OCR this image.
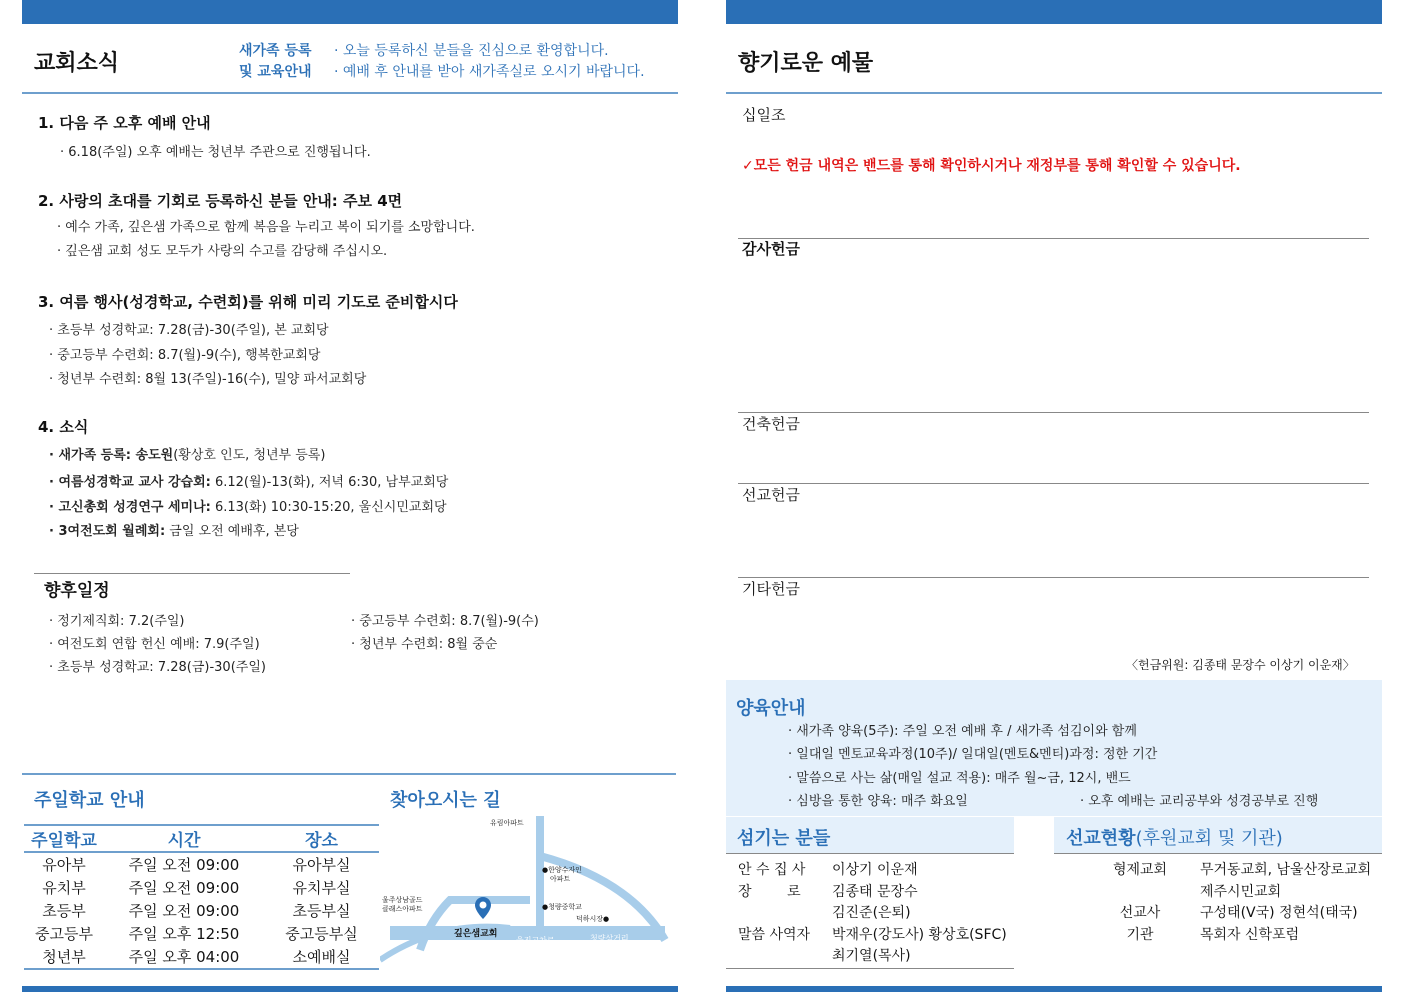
교회소식	새가족 등록
및 교육안내
· 오늘 등록하신 분들을 진심으로 환영합니다.
· 예배 후 안내를 받아 새가족실로 오시기 바랍니다.
1. 다음 주 오후 예배 안내
· 6.18(주일) 오후 예배는 청년부 주관으로 진행됩니다.
2. 사랑의 초대를 기회로 등록하신 분들 안내: 주보 4면
· 예수 가족, 깊은샘 가족으로 함께 복음을 누리고 복이 되기를 소망합니다.
· 깊은샘 교회 성도 모두가 사랑의 수고를 감당해 주십시오.
3. 여름 행사(성경학교, 수련회)를 위해 미리 기도로 준비합시다
· 초등부 성경학교: 7.28(금)-30(주일), 본 교회당
· 중고등부 수련회: 8.7(월)-9(수), 행복한교회당
· 청년부 수련회: 8월 13(주일)-16(수), 밀양 파서교회당
4. 소식
· 새가족 등록: 송도원(황상호 인도, 청년부 등록)
· 여름성경학교 교사 강습회: 6.12(월)-13(화), 저녁 6:30, 남부교회당
· 고신총회 성경연구 세미나: 6.13(화) 10:30-15:20, 울신시민교회당
· 3여전도회 월례회: 금일 오전 예배후, 본당
향후일정
· 정기제직회: 7.2(주일)
· 여전도회 연합 헌신 예배: 7.9(주일)
· 초등부 성경학교: 7.28(금)-30(주일)
· 중고등부 수련회: 8.7(월)-9(수)
· 청년부 수련회: 8월 중순
주일학교 안내
주일학교	시간	장소
유아부	주일 오전 09:00	유아부실
유치부	주일 오전 09:00	유치부실
초등부	주일 오전 09:00	초등부실
중고등부	주일 오후 12:50	중고등부실
청년부	주일 오후 04:00	소예배실
찾아오시는 길
유림아파트
●한양수자인
아파트
●청량중학교
덕하시장●
울주상남골드
클래스아파트
깊은샘교회
울진고차로	청량삼거리
향기로운 예물
십일조
✓모든 헌금 내역은 밴드를 통해 확인하시거나 재정부를 통해 확인할 수 있습니다.
감사헌금
건축헌금
선교헌금
기타헌금
〈헌금위원: 김종태 문장수 이상기 이운재〉
양육안내
· 새가족 양육(5주): 주일 오전 예배 후 / 새가족 섬김이와 함께
· 일대일 멘토교육과정(10주)/ 일대일(멘토&멘티)과정: 정한 기간
· 말씀으로 사는 삶(매일 설교 적용): 매주 월~금, 12시, 밴드
· 심방을 통한 양육: 매주 화요일	· 오후 예배는 교리공부와 성경공부로 진행
섬기는 분들
안 수 집 사 이상기 이운재
장        로 김종태 문장수
김진준(은퇴)
말씀 사역자 박재우(강도사) 황상호(SFC)
최기열(목사)
선교현황(후원교회 및 기관)
형제교회 무거동교회, 남울산장로교회
제주시민교회
선교사	구성태(V국) 정현석(태국)
기관	목회자 신학포럼
